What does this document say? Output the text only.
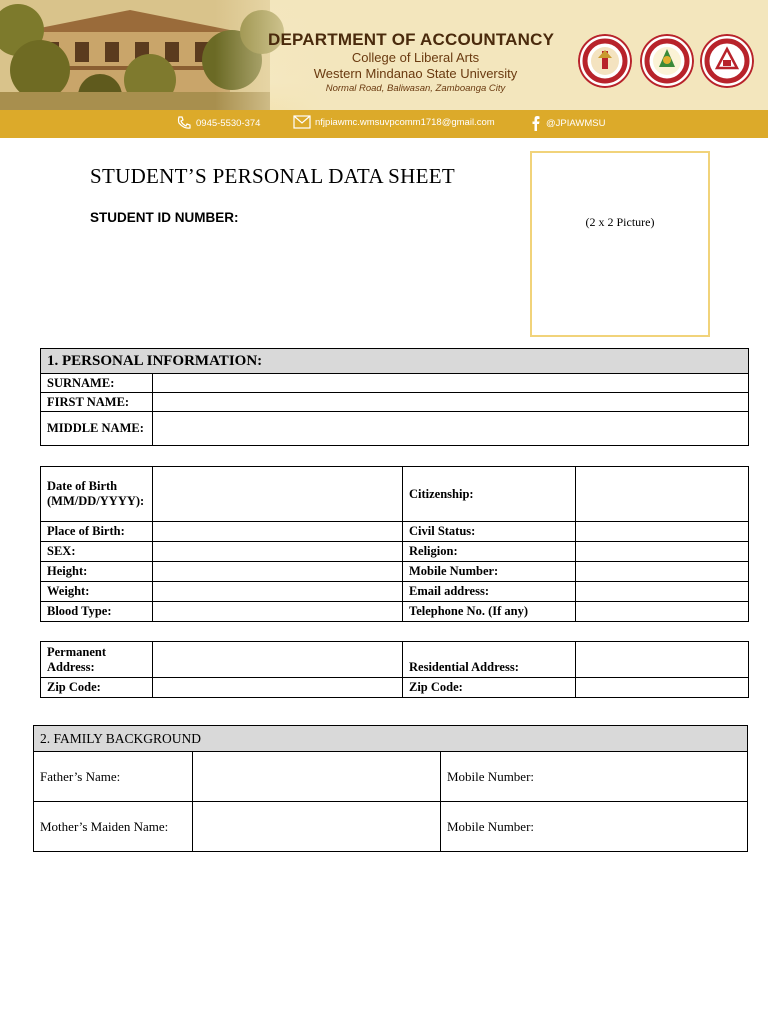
DEPARTMENT OF ACCOUNTANCY
College of Liberal Arts
Western Mindanao State University
Normal Road, Baliwasan, Zamboanga City
0945-5530-374	nfjpiawmc.wmsuvpcomm1718@gmail.com	@JPIAWMSU
STUDENT’S PERSONAL DATA SHEET
STUDENT ID NUMBER:	(2 x 2 Picture)
1. PERSONAL INFORMATION:	
SURNAME:	
FIRST NAME:	
MIDDLE NAME:	
Date of Birth (MM/DD/YYYY):		Citizenship:	
Place of Birth:		Civil Status:	
SEX:		Religion:	
Height:		Mobile Number:	
Weight:		Email address:	
Blood Type:		Telephone No. (If any)	
Permanent Address:		Residential Address:	
Zip Code:		Zip Code:	
2. FAMILY BACKGROUND		
Father’s Name:		Mobile Number:
Mother’s Maiden Name:		Mobile Number:
